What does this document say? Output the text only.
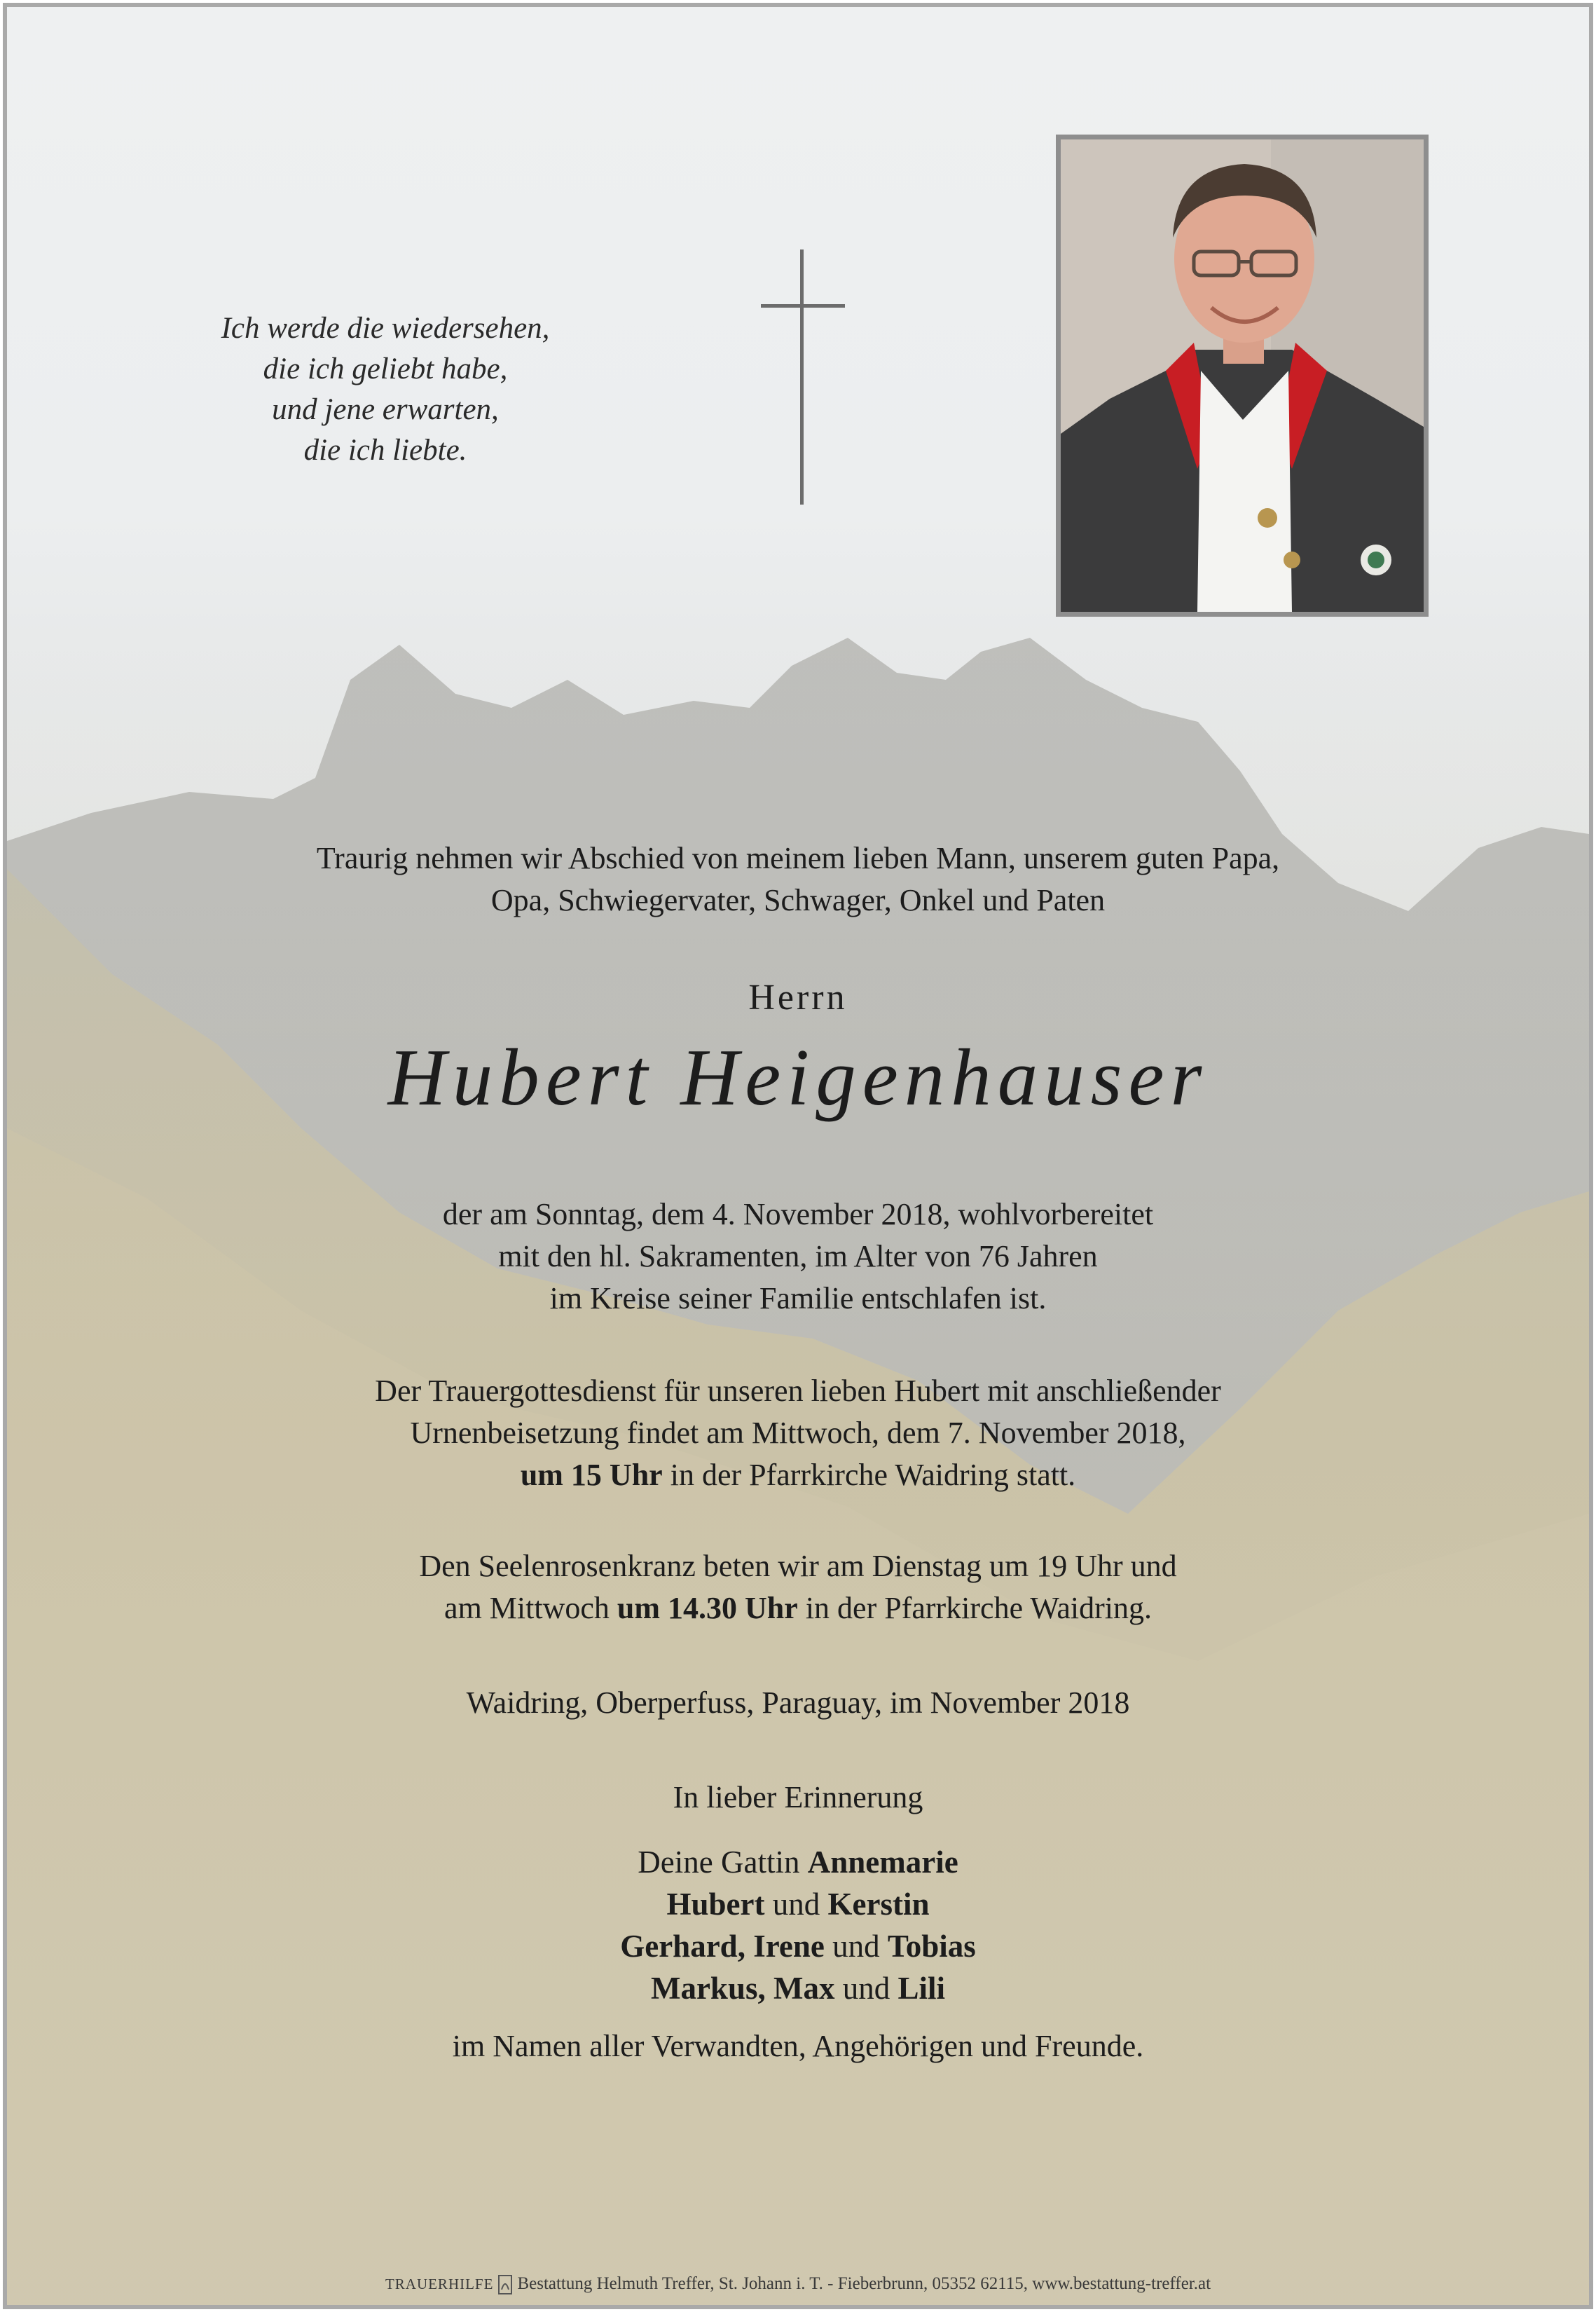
Ich werde die wiedersehen,
die ich geliebt habe,
und jene erwarten,
die ich liebte.
Traurig nehmen wir Abschied von meinem lieben Mann, unserem guten Papa,
Opa, Schwiegervater, Schwager, Onkel und Paten
Herrn
Hubert Heigenhauser
der am Sonntag, dem 4. November 2018, wohlvorbereitet
mit den hl. Sakramenten, im Alter von 76 Jahren
im Kreise seiner Familie entschlafen ist.
Der Trauergottesdienst für unseren lieben Hubert mit anschließender
Urnenbeisetzung findet am Mittwoch, dem 7. November 2018,
um 15 Uhr in der Pfarrkirche Waidring statt.
Den Seelenrosenkranz beten wir am Dienstag um 19 Uhr und
am Mittwoch um 14.30 Uhr in der Pfarrkirche Waidring.
Waidring, Oberperfuss, Paraguay, im November 2018
In lieber Erinnerung
Deine Gattin Annemarie
Hubert und Kerstin
Gerhard, Irene und Tobias
Markus, Max und Lili
im Namen aller Verwandten, Angehörigen und Freunde.
TRAUERHILFE Bestattung Helmuth Treffer, St. Johann i. T. - Fieberbrunn, 05352 62115, www.bestattung-treffer.at
